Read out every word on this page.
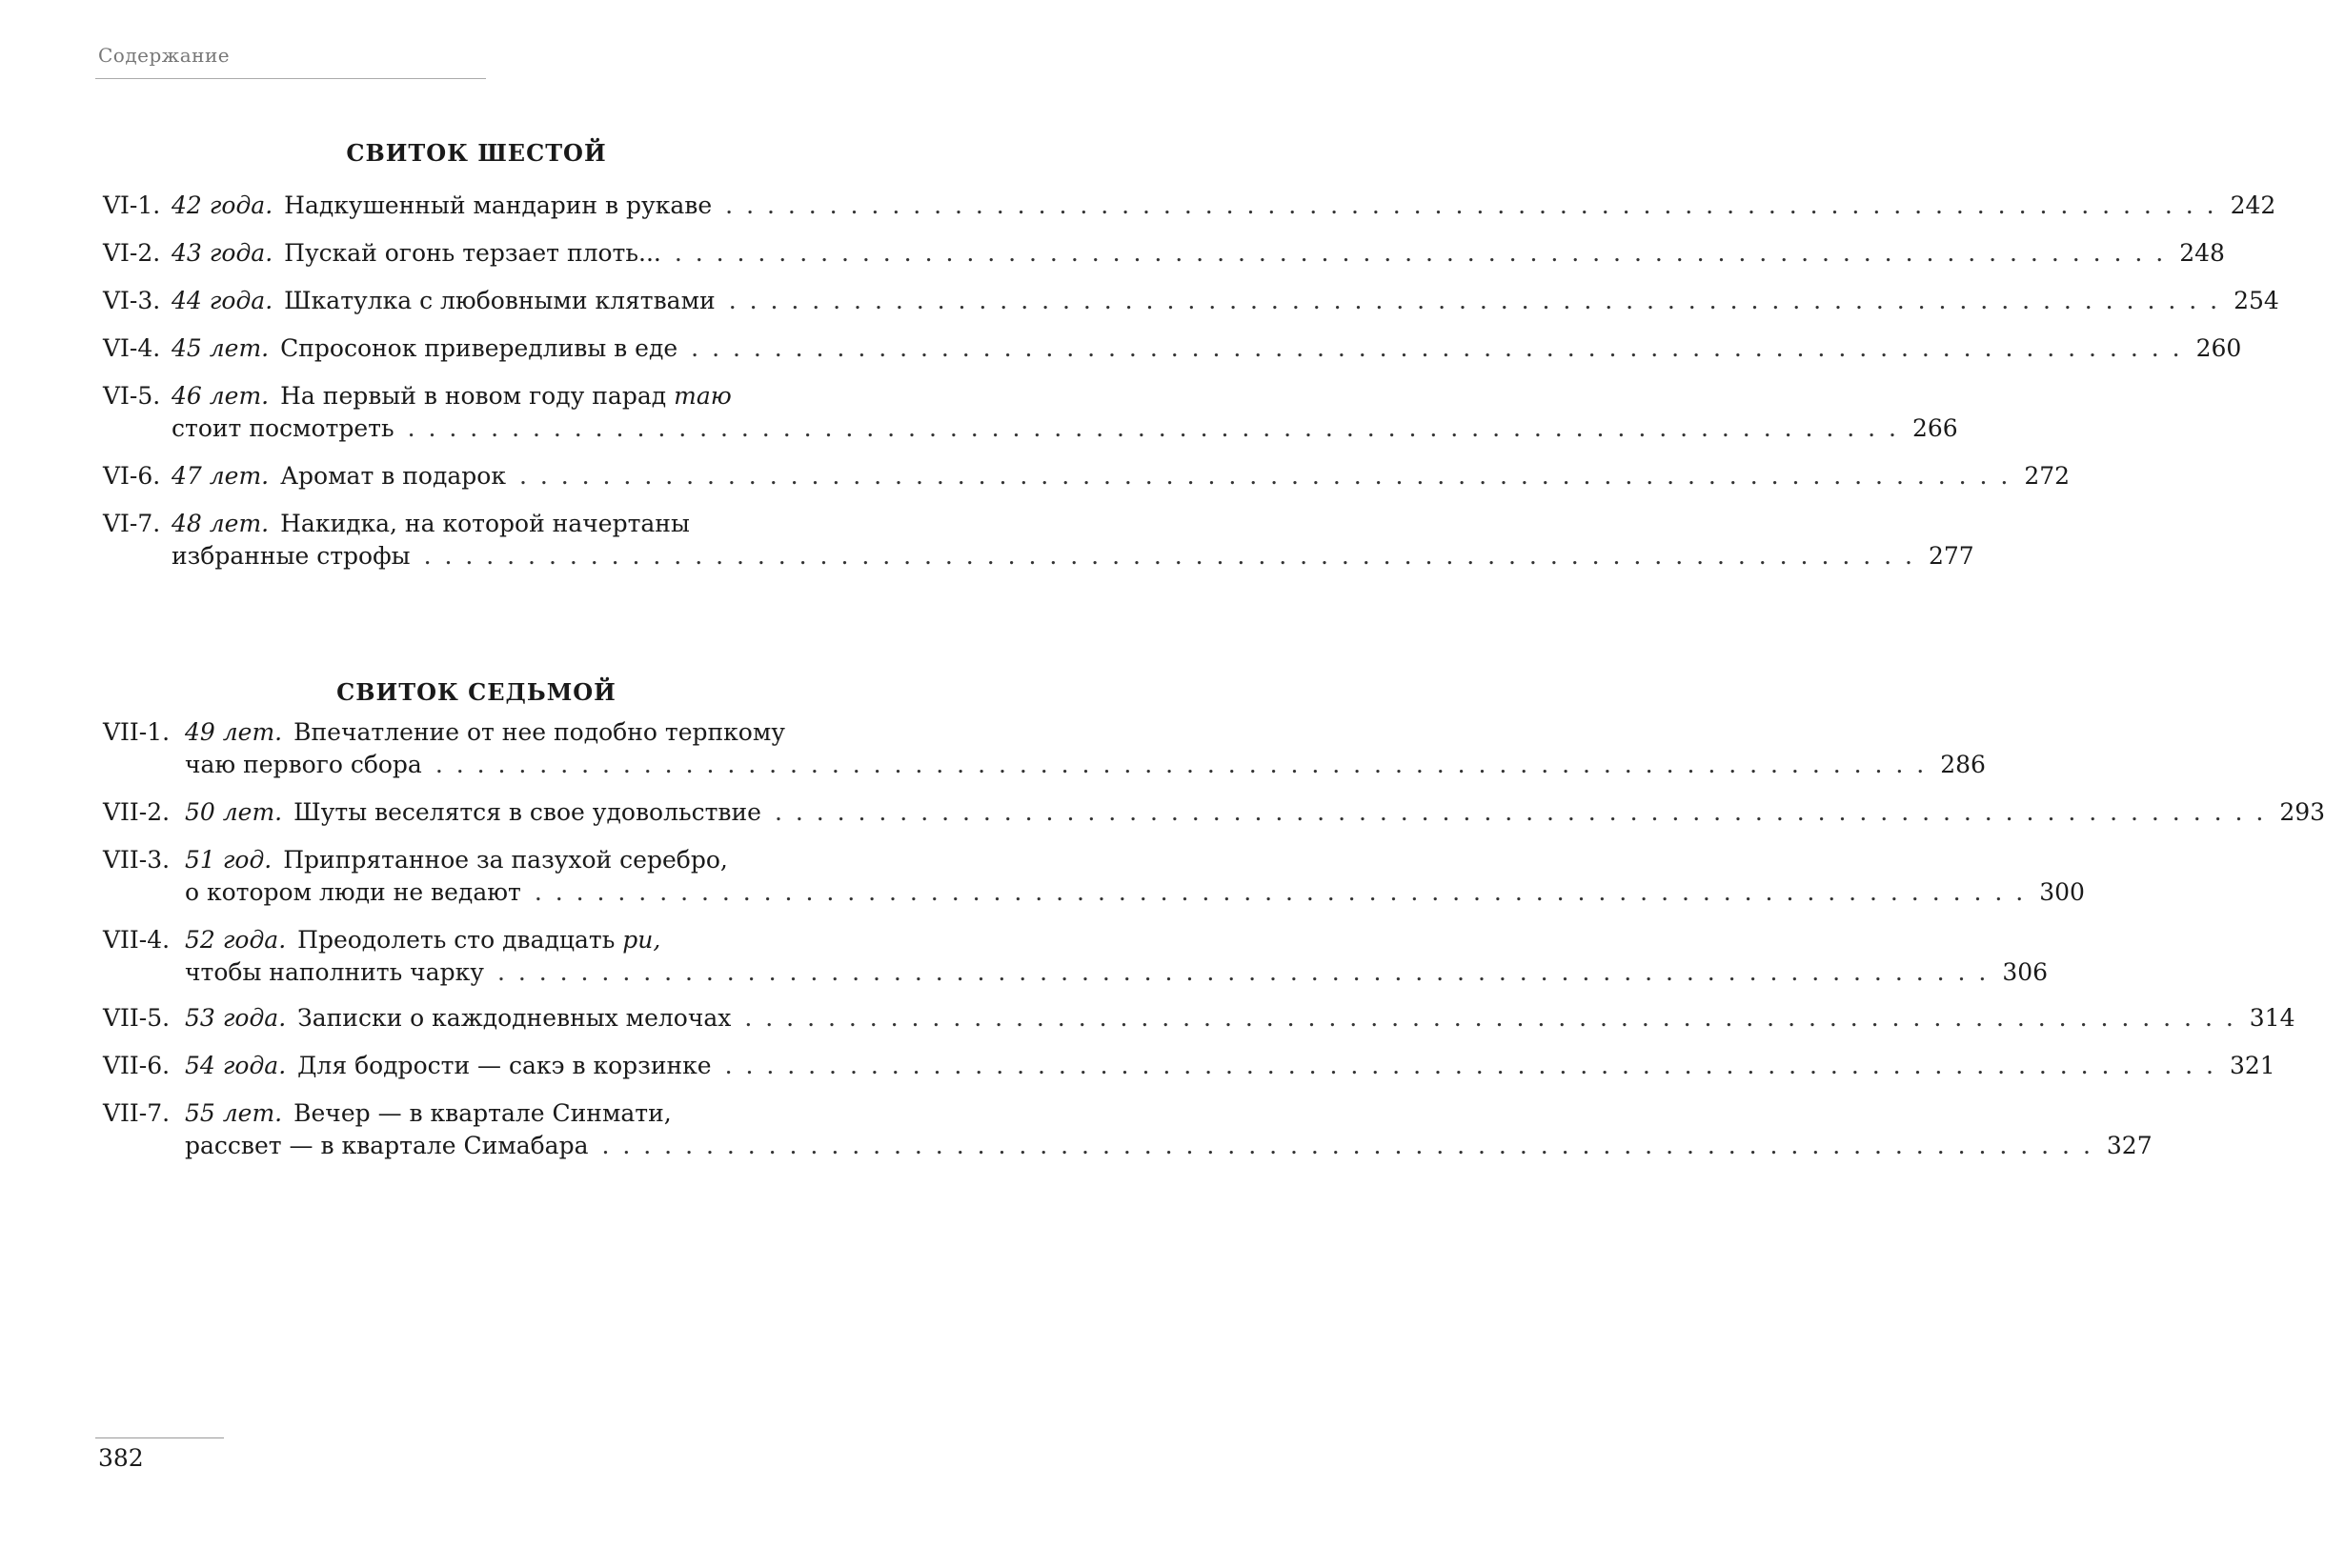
Содержание
СВИТОК ШЕСТОЙ
VI-1. 42 года. Надкушенный мандарин в рукаве . . . . . . . . . . . . . . . . . . . . . . . . . . . . . . . . . . . . . . . . . . . . . . . . . . . . . . . . . . . . . . . . . . . . . . . . 242
VI-2. 43 года. Пускай огонь терзает плоть... . . . . . . . . . . . . . . . . . . . . . . . . . . . . . . . . . . . . . . . . . . . . . . . . . . . . . . . . . . . . . . . . . . . . . . . . 248
VI-3. 44 года. Шкатулка с любовными клятвами . . . . . . . . . . . . . . . . . . . . . . . . . . . . . . . . . . . . . . . . . . . . . . . . . . . . . . . . . . . . . . . . . . . . . . . . 254
VI-4. 45 лет. Спросонок привередливы в еде . . . . . . . . . . . . . . . . . . . . . . . . . . . . . . . . . . . . . . . . . . . . . . . . . . . . . . . . . . . . . . . . . . . . . . . . 260
VI-5. 46 лет. На первый в новом году парад таю
стоит посмотреть . . . . . . . . . . . . . . . . . . . . . . . . . . . . . . . . . . . . . . . . . . . . . . . . . . . . . . . . . . . . . . . . . . . . . . . . 266
VI-6. 47 лет. Аромат в подарок . . . . . . . . . . . . . . . . . . . . . . . . . . . . . . . . . . . . . . . . . . . . . . . . . . . . . . . . . . . . . . . . . . . . . . . . 272
VI-7. 48 лет. Накидка, на которой начертаны
избранные строфы . . . . . . . . . . . . . . . . . . . . . . . . . . . . . . . . . . . . . . . . . . . . . . . . . . . . . . . . . . . . . . . . . . . . . . . . 277
СВИТОК СЕДЬМОЙ
VII-1. 49 лет. Впечатление от нее подобно терпкому
чаю первого сбора . . . . . . . . . . . . . . . . . . . . . . . . . . . . . . . . . . . . . . . . . . . . . . . . . . . . . . . . . . . . . . . . . . . . . . . . 286
VII-2. 50 лет. Шуты веселятся в свое удовольствие . . . . . . . . . . . . . . . . . . . . . . . . . . . . . . . . . . . . . . . . . . . . . . . . . . . . . . . . . . . . . . . . . . . . . . . . 293
VII-3. 51 год. Припрятанное за пазухой серебро,
о котором люди не ведают . . . . . . . . . . . . . . . . . . . . . . . . . . . . . . . . . . . . . . . . . . . . . . . . . . . . . . . . . . . . . . . . . . . . . . . . 300
VII-4. 52 года. Преодолеть сто двадцать ри,
чтобы наполнить чарку . . . . . . . . . . . . . . . . . . . . . . . . . . . . . . . . . . . . . . . . . . . . . . . . . . . . . . . . . . . . . . . . . . . . . . . . 306
VII-5. 53 года. Записки о каждодневных мелочах . . . . . . . . . . . . . . . . . . . . . . . . . . . . . . . . . . . . . . . . . . . . . . . . . . . . . . . . . . . . . . . . . . . . . . . . 314
VII-6. 54 года. Для бодрости — сакэ в корзинке . . . . . . . . . . . . . . . . . . . . . . . . . . . . . . . . . . . . . . . . . . . . . . . . . . . . . . . . . . . . . . . . . . . . . . . . 321
VII-7. 55 лет. Вечер — в квартале Синмати,
рассвет — в квартале Симабара . . . . . . . . . . . . . . . . . . . . . . . . . . . . . . . . . . . . . . . . . . . . . . . . . . . . . . . . . . . . . . . . . . . . . . . . 327
382
